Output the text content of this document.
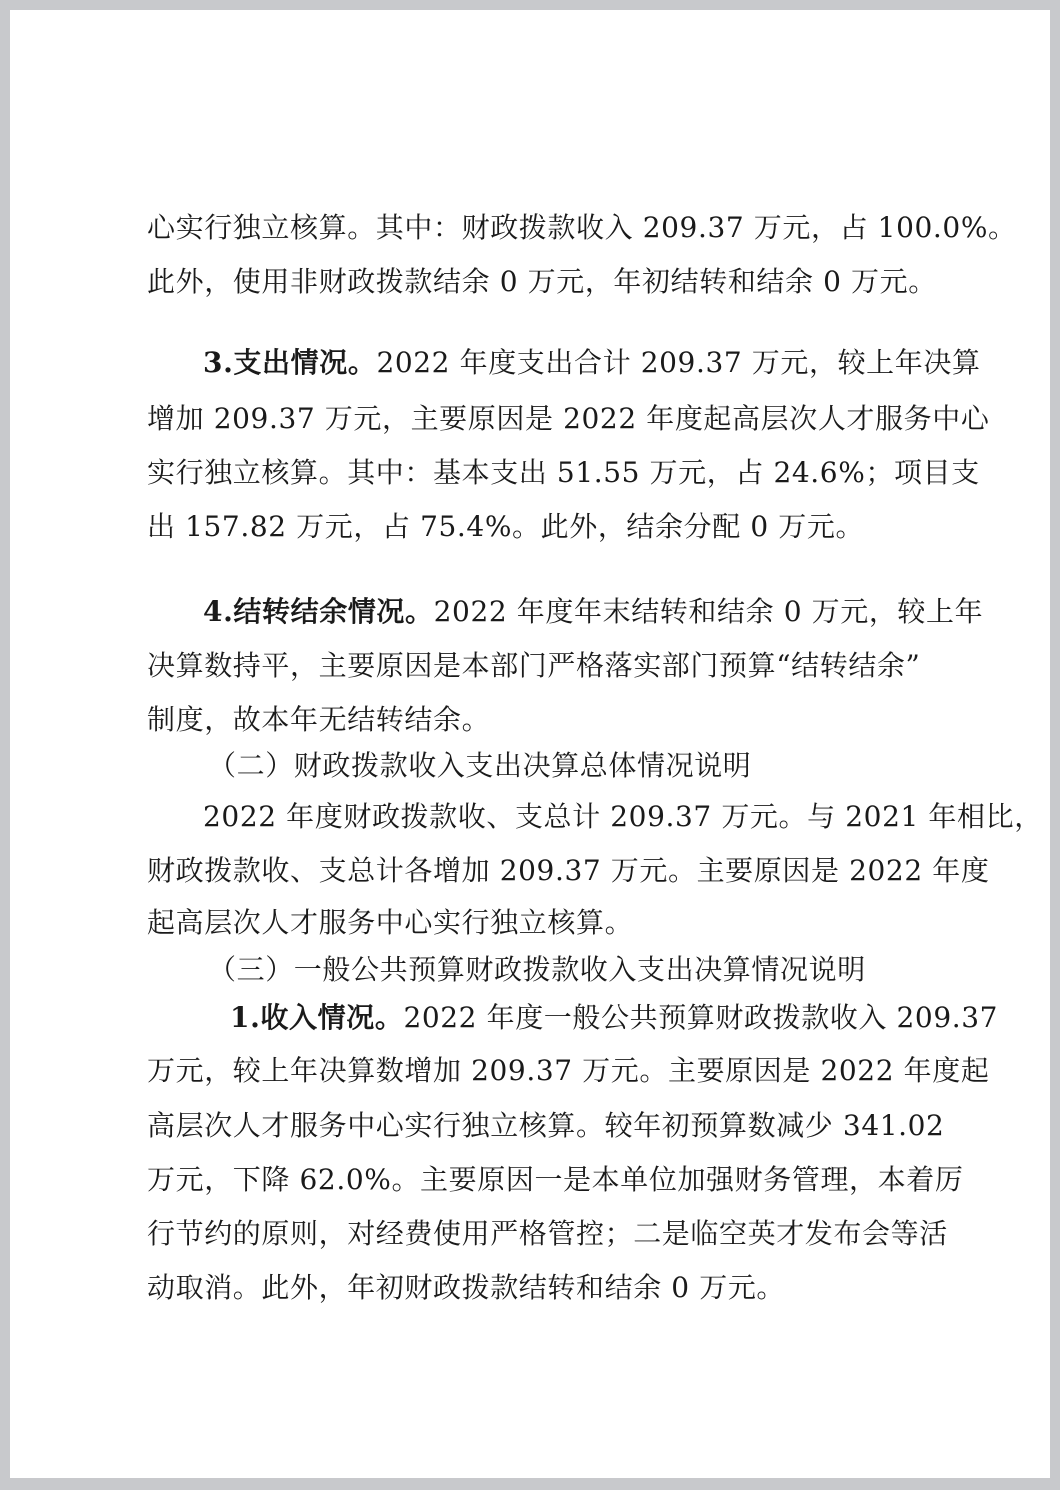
心实行独立核算。其中：财政拨款收入 209.37 万元，占 100.0%。
此外，使用非财政拨款结余 0 万元，年初结转和结余 0 万元。
3.支出情况。2022 年度支出合计 209.37 万元，较上年决算
增加 209.37 万元，主要原因是 2022 年度起高层次人才服务中心
实行独立核算。其中：基本支出 51.55 万元，占 24.6%；项目支
出 157.82 万元，占 75.4%。此外，结余分配 0 万元。
4.结转结余情况。2022 年度年末结转和结余 0 万元，较上年
决算数持平，主要原因是本部门严格落实部门预算“结转结余”
制度，故本年无结转结余。
（二）财政拨款收入支出决算总体情况说明
2022 年度财政拨款收、支总计 209.37 万元。与 2021 年相比，
财政拨款收、支总计各增加 209.37 万元。主要原因是 2022 年度
起高层次人才服务中心实行独立核算。
（三）一般公共预算财政拨款收入支出决算情况说明
1.收入情况。2022 年度一般公共预算财政拨款收入 209.37
万元，较上年决算数增加 209.37 万元。主要原因是 2022 年度起
高层次人才服务中心实行独立核算。较年初预算数减少 341.02
万元，下降 62.0%。主要原因一是本单位加强财务管理，本着厉
行节约的原则，对经费使用严格管控；二是临空英才发布会等活
动取消。此外，年初财政拨款结转和结余 0 万元。
